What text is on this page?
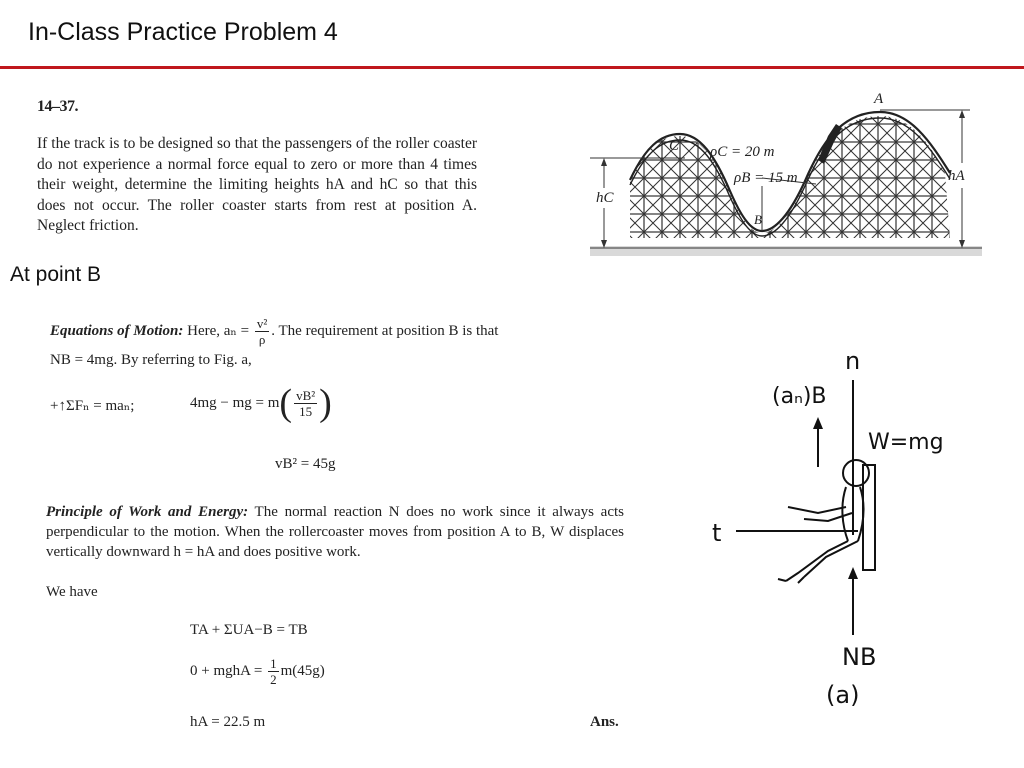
In-Class Practice Problem 4
14–37.
If the track is to be designed so that the passengers of the roller coaster do not experience a normal force equal to zero or more than 4 times their weight, determine the limiting heights hA and hC so that this does not occur. The roller coaster starts from rest at position A. Neglect friction.
A
C
B
ρC = 20 m
ρB = 15 m
hC
hA
At point B
Equations of Motion: Here, $a_n = \frac{\text{v²}}{\rho}$ . The requirement at position B is that
NB = 4mg. By referring to Fig. a,
+↑ΣFₙ = maₙ;	4mg − mg = $m( \frac{\text{vB²}}{15}$ )
vB² = 45g
Principle of Work and Energy: The normal reaction N does no work since it always acts perpendicular to the motion. When the rollercoaster moves from position A to B, W displaces vertically downward h = hA and does positive work.
We have
TA + ΣUA−B = TB
0 + mghA = $\frac{1}{2} m(45g)$
hA = 22.5 m	Ans.
n
(aₙ)B
W=mg
t
NB
(a)
